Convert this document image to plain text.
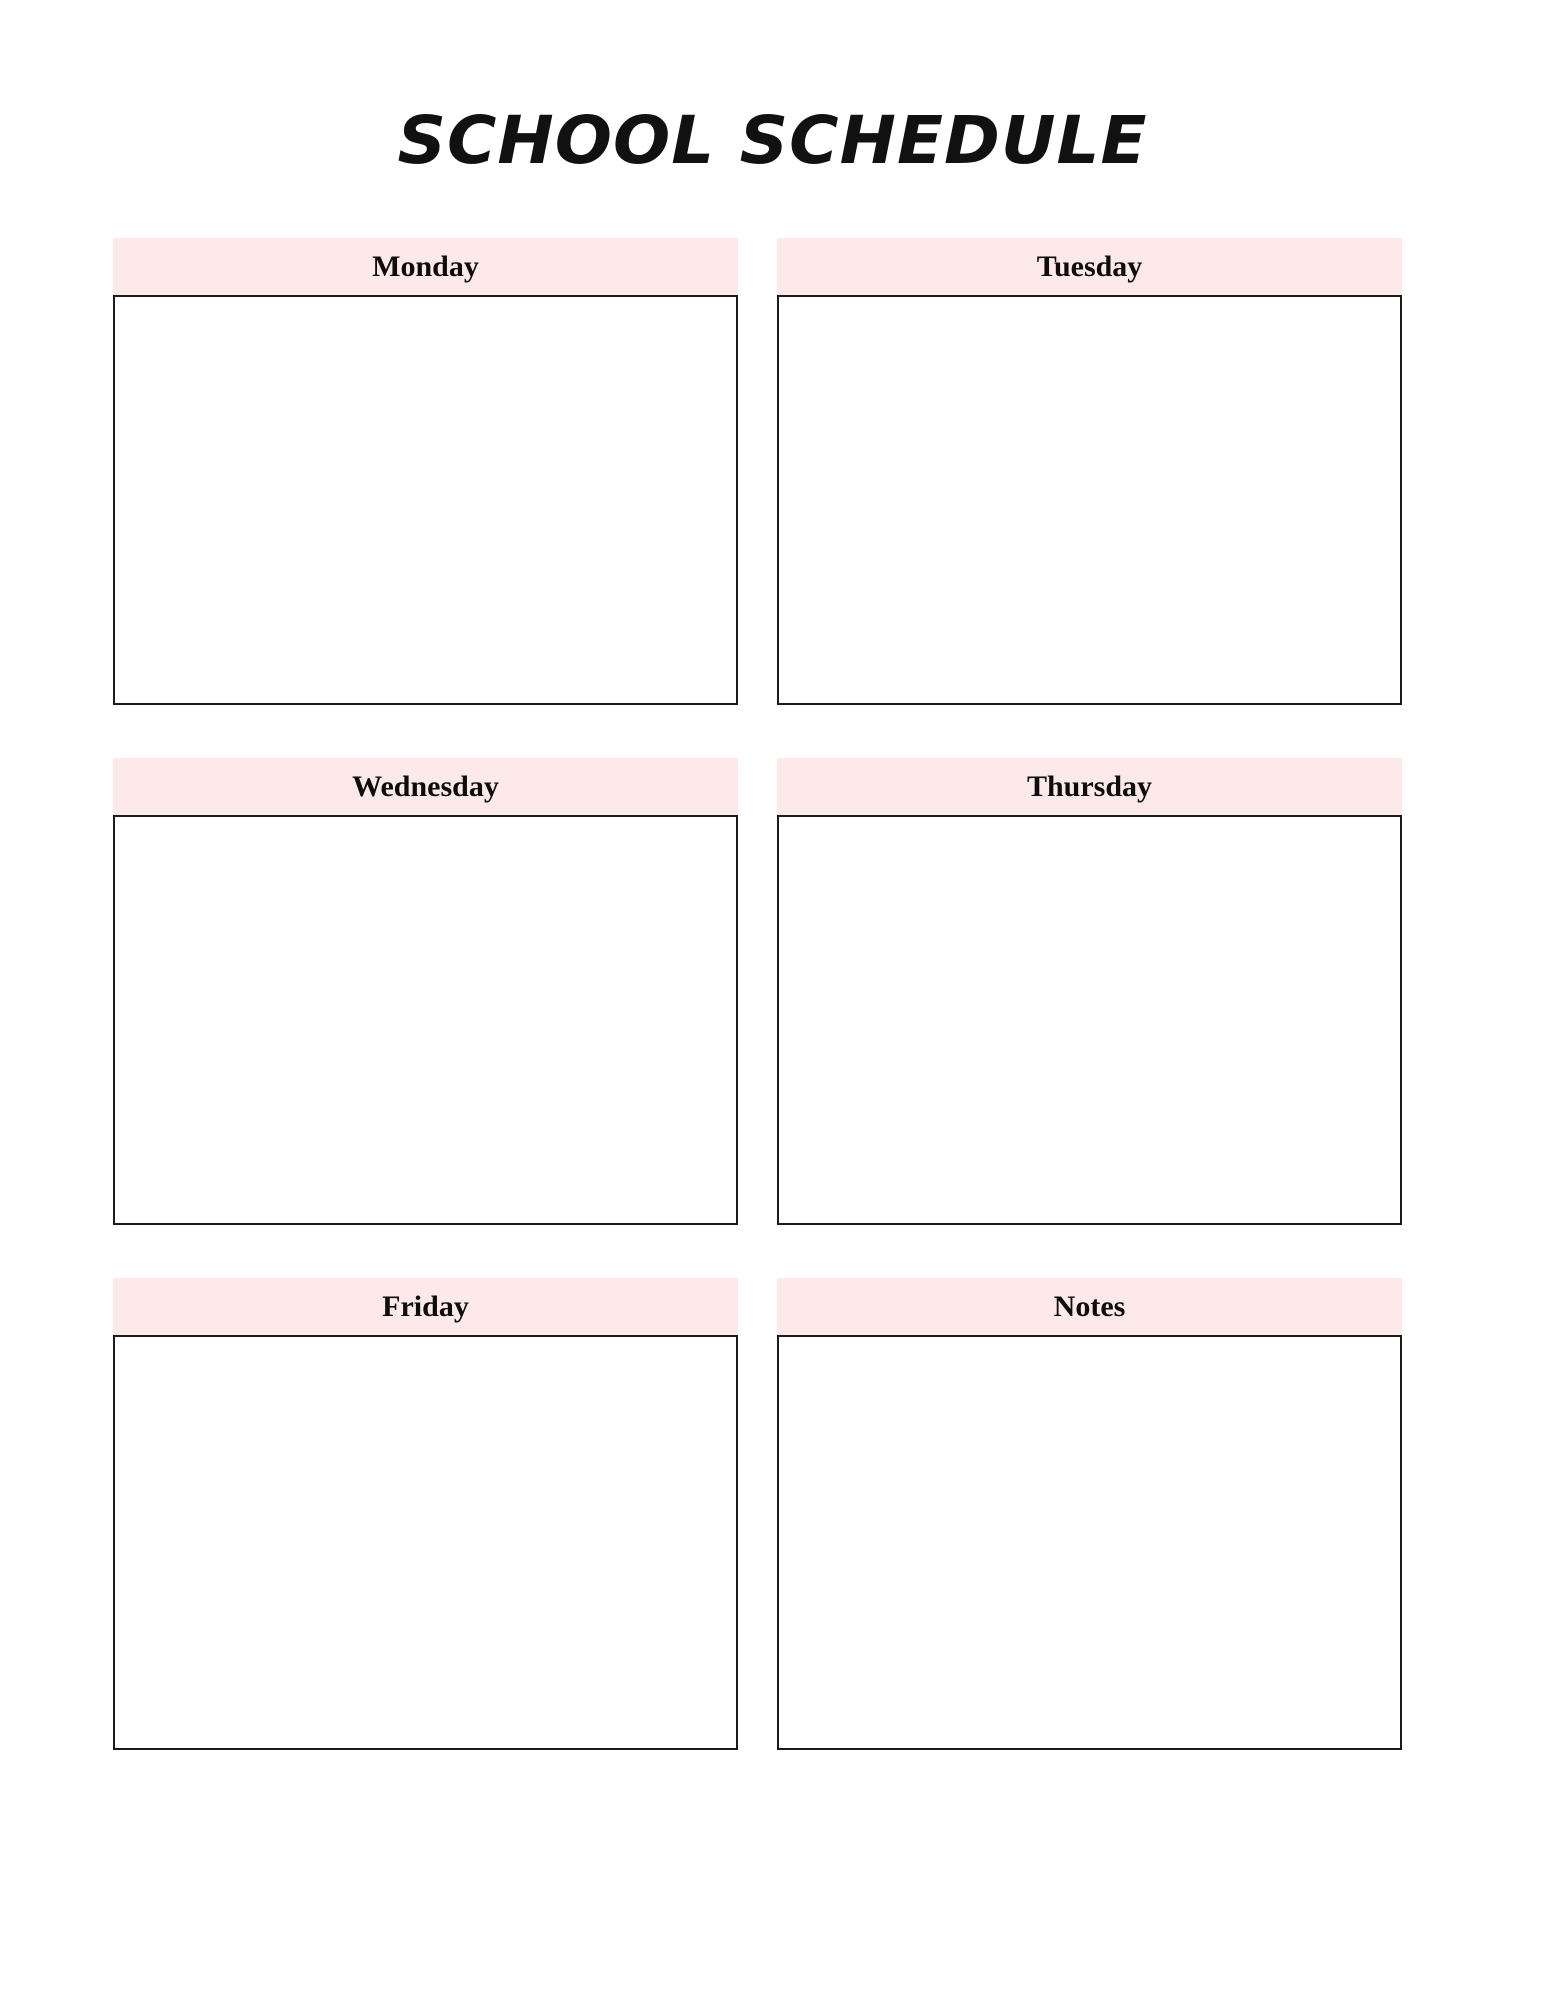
SCHOOL SCHEDULE
Monday	Tuesday
Wednesday	Thursday
Friday	Notes
